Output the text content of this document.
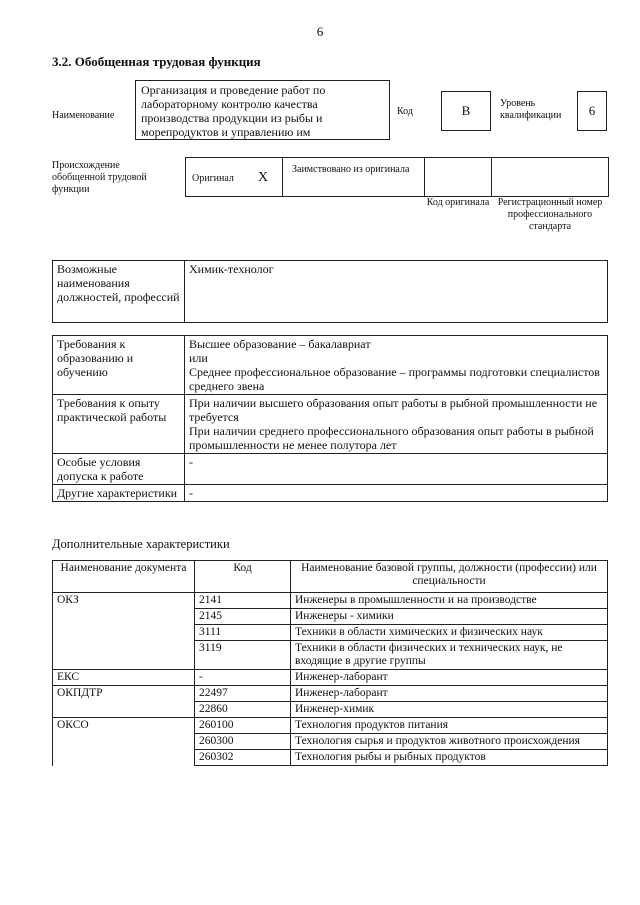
6
3.2. Обобщенная трудовая функция
Наименование
Организация и проведение работ по лабораторному контролю качества производства продукции из рыбы и морепродуктов и управлению им
Код	В	Уровень квалификации	6
Происхождение обобщенной трудовой функции
Оригинал Х
Заимствовано из оригинала
Код оригинала Регистрационный номер профессионального стандарта
Возможные наименования должностей, профессий	Химик-технолог
Требования к образованию и обучению	Высшее образование – бакалавриат
или
Среднее профессиональное образование – программы подготовки специалистов среднего звена

Требования к опыту практической работы	При наличии высшего образования опыт работы в рыбной промышленности не требуется
При наличии среднего профессионального образования опыт работы в рыбной промышленности не менее полутора лет

Особые условия допуска к работе	-

Другие характеристики	-
Дополнительные характеристики
Наименование документа	Код	Наименование базовой группы, должности (профессии) или специальности
ОКЗ	2141	Инженеры в промышленности и на производстве
	2145	Инженеры - химики
	3111	Техники в области химических и физических наук
	3119	Техники в области физических и технических наук, не входящие в другие группы
ЕКС	-	Инженер-лаборант
ОКПДТР	22497	Инженер-лаборант
	22860	Инженер-химик
ОКСО	260100	Технология продуктов питания
	260300	Технология сырья и продуктов животного происхождения
	260302	Технология рыбы и рыбных продуктов
